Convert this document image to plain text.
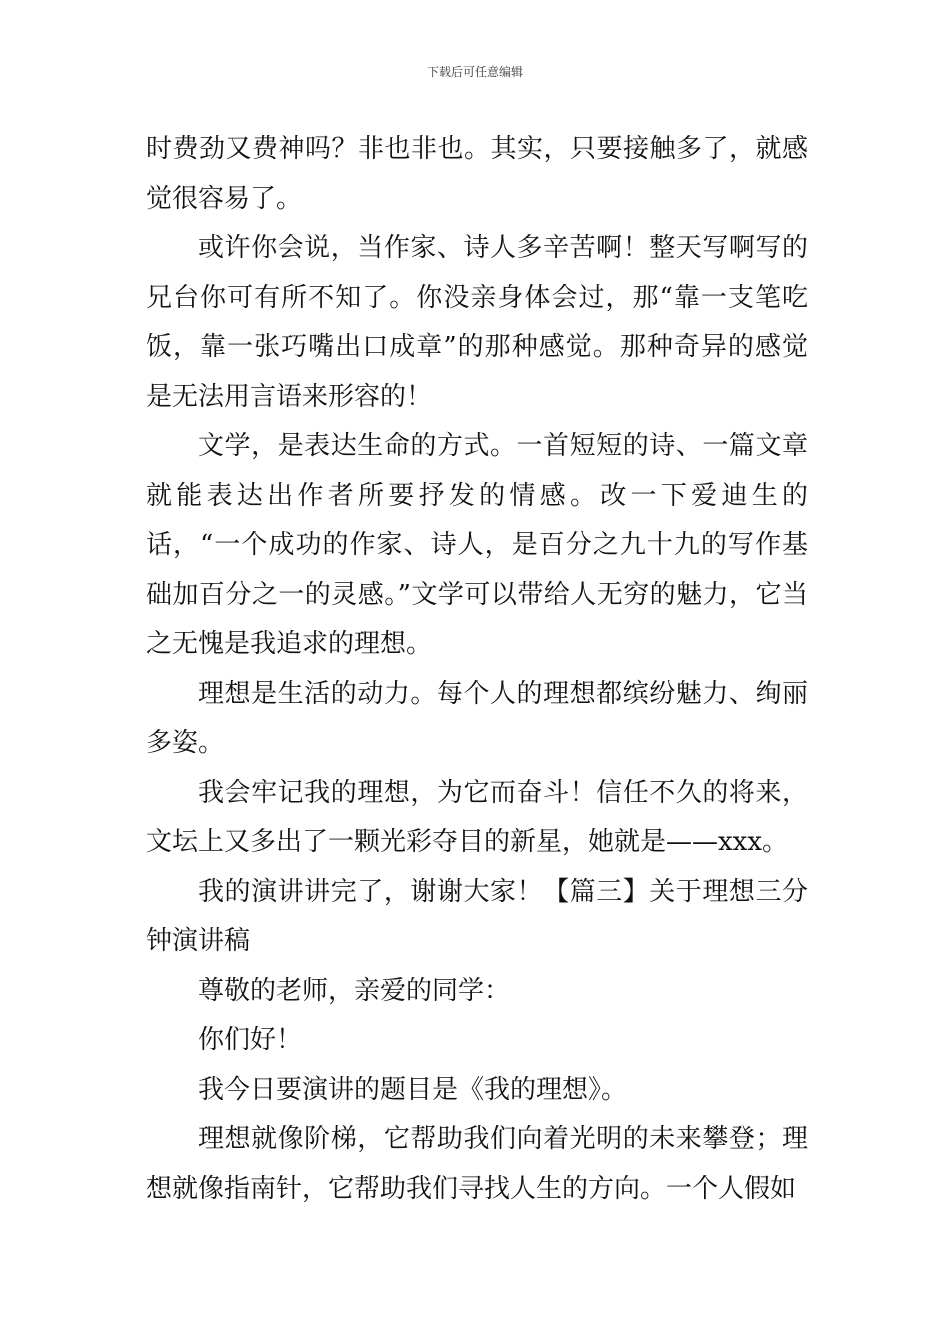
下载后可任意编辑

时费劲又费神吗？非也非也。其实，只要接触多了，就感觉很容易了。

或许你会说，当作家、诗人多辛苦啊！整天写啊写的兄台你可有所不知了。你没亲身体会过，那“靠一支笔吃饭，靠一张巧嘴出口成章”的那种感觉。那种奇异的感觉是无法用言语来形容的！

文学，是表达生命的方式。一首短短的诗、一篇文章就能表达出作者所要抒发的情感。改一下爱迪生的话，“一个成功的作家、诗人，是百分之九十九的写作基础加百分之一的灵感。”文学可以带给人无穷的魅力，它当之无愧是我追求的理想。

理想是生活的动力。每个人的理想都缤纷魅力、绚丽多姿。

我会牢记我的理想，为它而奋斗！信任不久的将来，文坛上又多出了一颗光彩夺目的新星，她就是——xxx。

我的演讲讲完了，谢谢大家！【篇三】关于理想三分钟演讲稿

尊敬的老师，亲爱的同学：

你们好！

我今日要演讲的题目是《我的理想》。

理想就像阶梯，它帮助我们向着光明的未来攀登；理想就像指南针，它帮助我们寻找人生的方向。一个人假如
